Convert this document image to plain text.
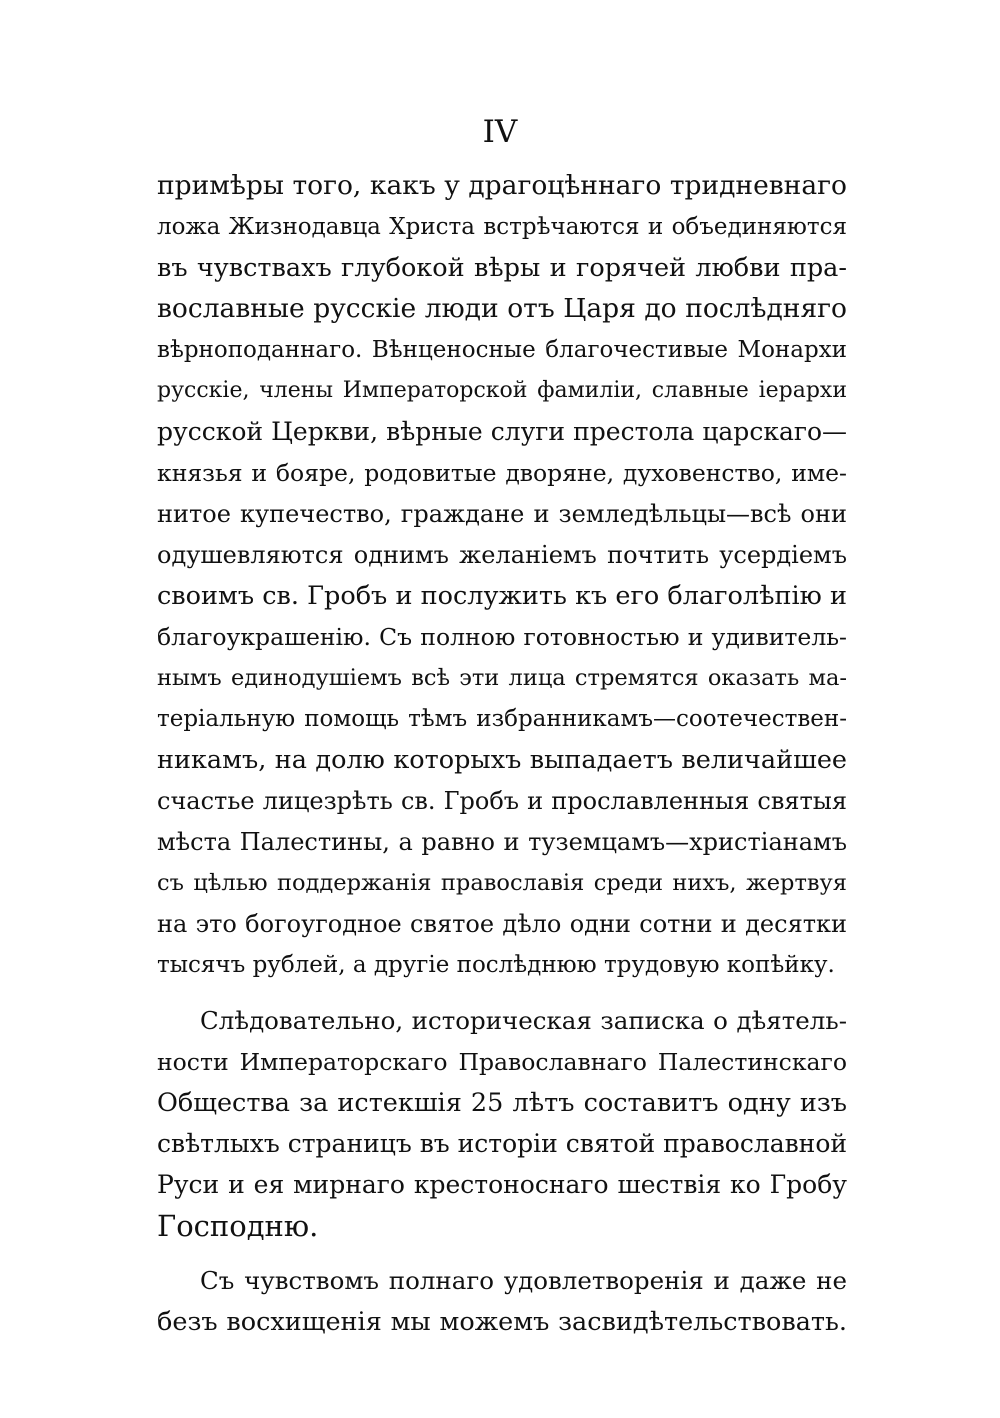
IV
примѣры того, какъ у драгоцѣннаго тридневнаго
ложа Жизнодавца Христа встрѣчаются и объединяются
въ чувствахъ глубокой вѣры и горячей любви пра-
вославные русскіе люди отъ Царя до послѣдняго
вѣрноподаннаго. Вѣнценосные благочестивые Монархи
русскіе, члены Императорской фамиліи, славные іерархи
русской Церкви, вѣрные слуги престола царскаго—
князья и бояре, родовитые дворяне, духовенство, име-
нитое купечество, граждане и земледѣльцы—всѣ они
одушевляются однимъ желаніемъ почтить усердіемъ
своимъ св. Гробъ и послужить къ его благолѣпію и
благоукрашенію. Съ полною готовностью и удивитель-
нымъ единодушіемъ всѣ эти лица стремятся оказать ма-
теріальную помощь тѣмъ избранникамъ—соотечествен-
никамъ, на долю которыхъ выпадаетъ величайшее
счастье лицезрѣть св. Гробъ и прославленныя святыя
мѣста Палестины, а равно и туземцамъ—христіанамъ
съ цѣлью поддержанія православія среди нихъ, жертвуя
на это богоугодное святое дѣло одни сотни и десятки
тысячъ рублей, а другіе послѣднюю трудовую копѣйку.
Слѣдовательно, историческая записка о дѣятель-
ности Императорскаго Православнаго Палестинскаго
Общества за истекшія 25 лѣтъ составитъ одну изъ
свѣтлыхъ страницъ въ исторіи святой православной
Руси и ея мирнаго крестоноснаго шествія ко Гробу
Господню.
Съ чувствомъ полнаго удовлетворенія и даже не
безъ восхищенія мы можемъ засвидѣтельствовать.
